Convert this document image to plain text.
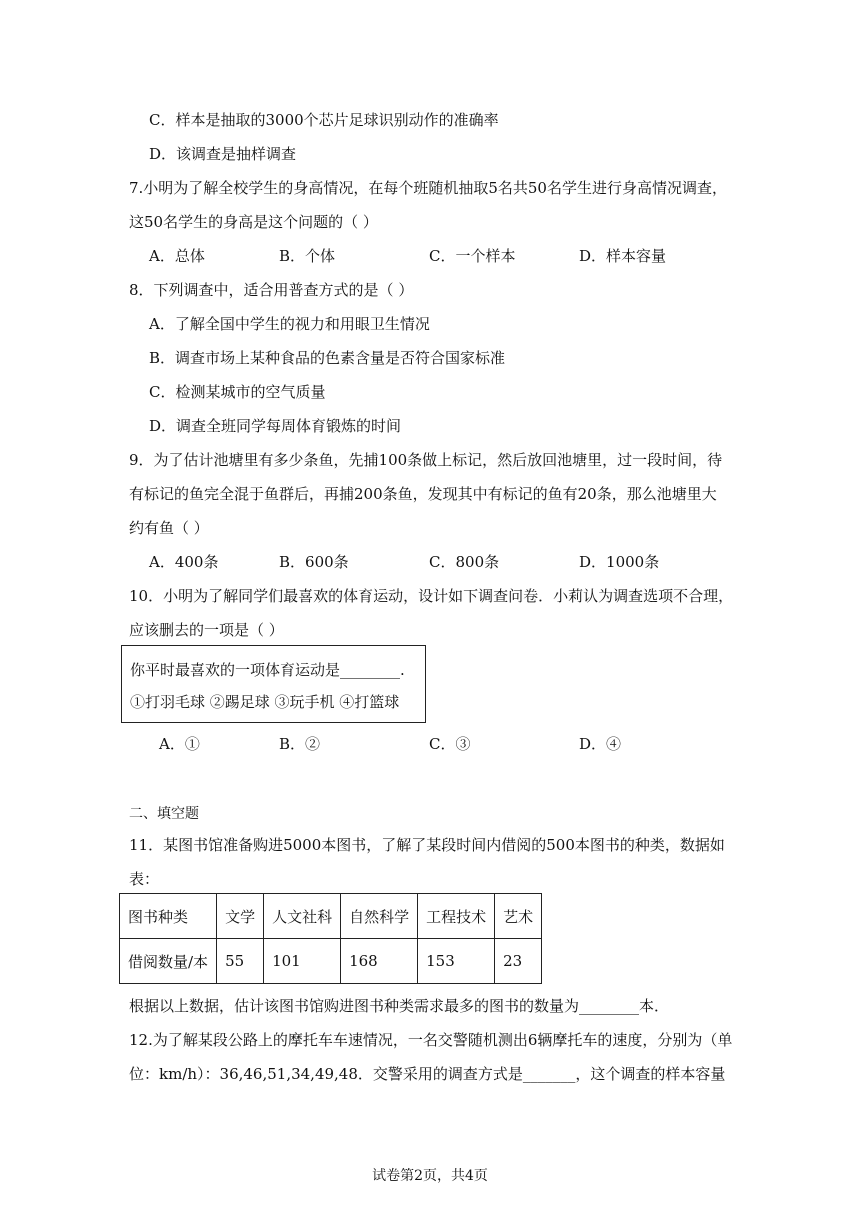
C．样本是抽取的3000个芯片足球识别动作的准确率
D．该调查是抽样调查
7.小明为了解全校学生的身高情况，在每个班随机抽取5名共50名学生进行身高情况调查，
这50名学生的身高是这个问题的（ ）
A．总体	B．个体	C．一个样本	D．样本容量
8．下列调查中，适合用普查方式的是（ ）
A．了解全国中学生的视力和用眼卫生情况
B．调查市场上某种食品的色素含量是否符合国家标准
C．检测某城市的空气质量
D．调查全班同学每周体育锻炼的时间
9．为了估计池塘里有多少条鱼，先捕100条做上标记，然后放回池塘里，过一段时间，待
有标记的鱼完全混于鱼群后，再捕200条鱼，发现其中有标记的鱼有20条，那么池塘里大
约有鱼（ ）
A．400条	B．600条	C．800条	D．1000条
10．小明为了解同学们最喜欢的体育运动，设计如下调查问卷．小莉认为调查选项不合理，
应该删去的一项是（ ）
你平时最喜欢的一项体育运动是________.
①打羽毛球 ②踢足球 ③玩手机 ④打篮球
A．①	B．②	C．③	D．④
二、填空题
11．某图书馆准备购进5000本图书，了解了某段时间内借阅的500本图书的种类，数据如
表：
图书种类	文学	人文社科	自然科学	工程技术	艺术
借阅数量/本	55	101	168	153	23
根据以上数据，估计该图书馆购进图书种类需求最多的图书的数量为________本．
12.为了解某段公路上的摩托车车速情况，一名交警随机测出6辆摩托车的速度，分别为（单
位：km/h）：36,46,51,34,49,48．交警采用的调查方式是_______，这个调查的样本容量
试卷第2页，共4页
